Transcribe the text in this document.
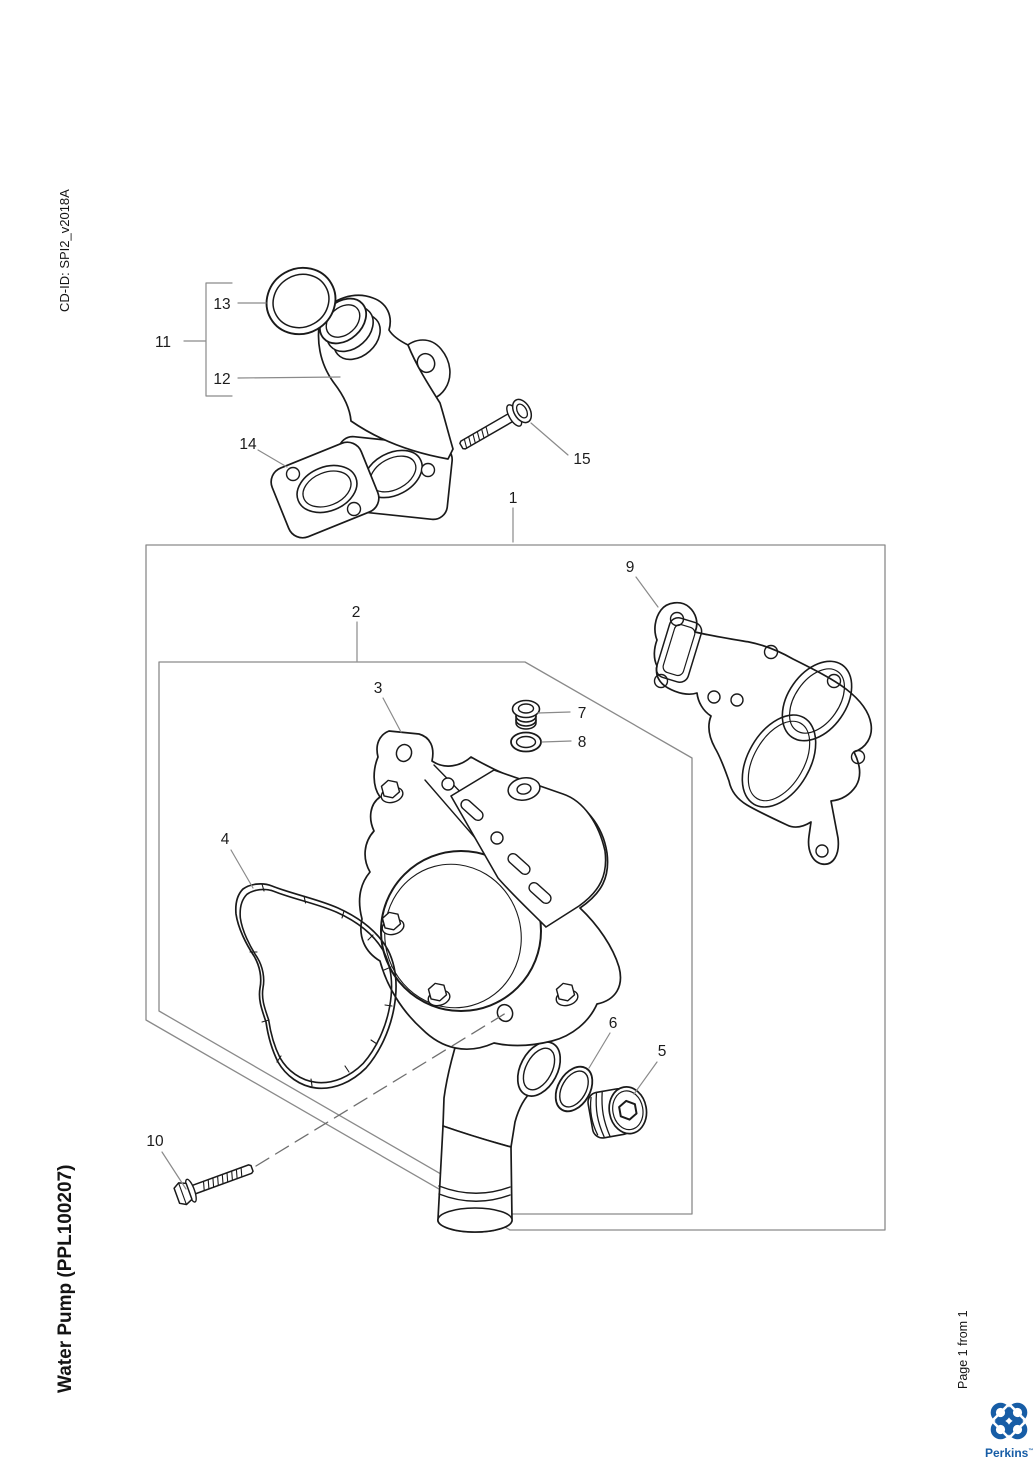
CD-ID: SPI2_v2018A
Water Pump (PPL100207)	Page 1 from 1
1
2
3
4
5
6
7
8
9
10
11
12
13
14
15
Perkins™
